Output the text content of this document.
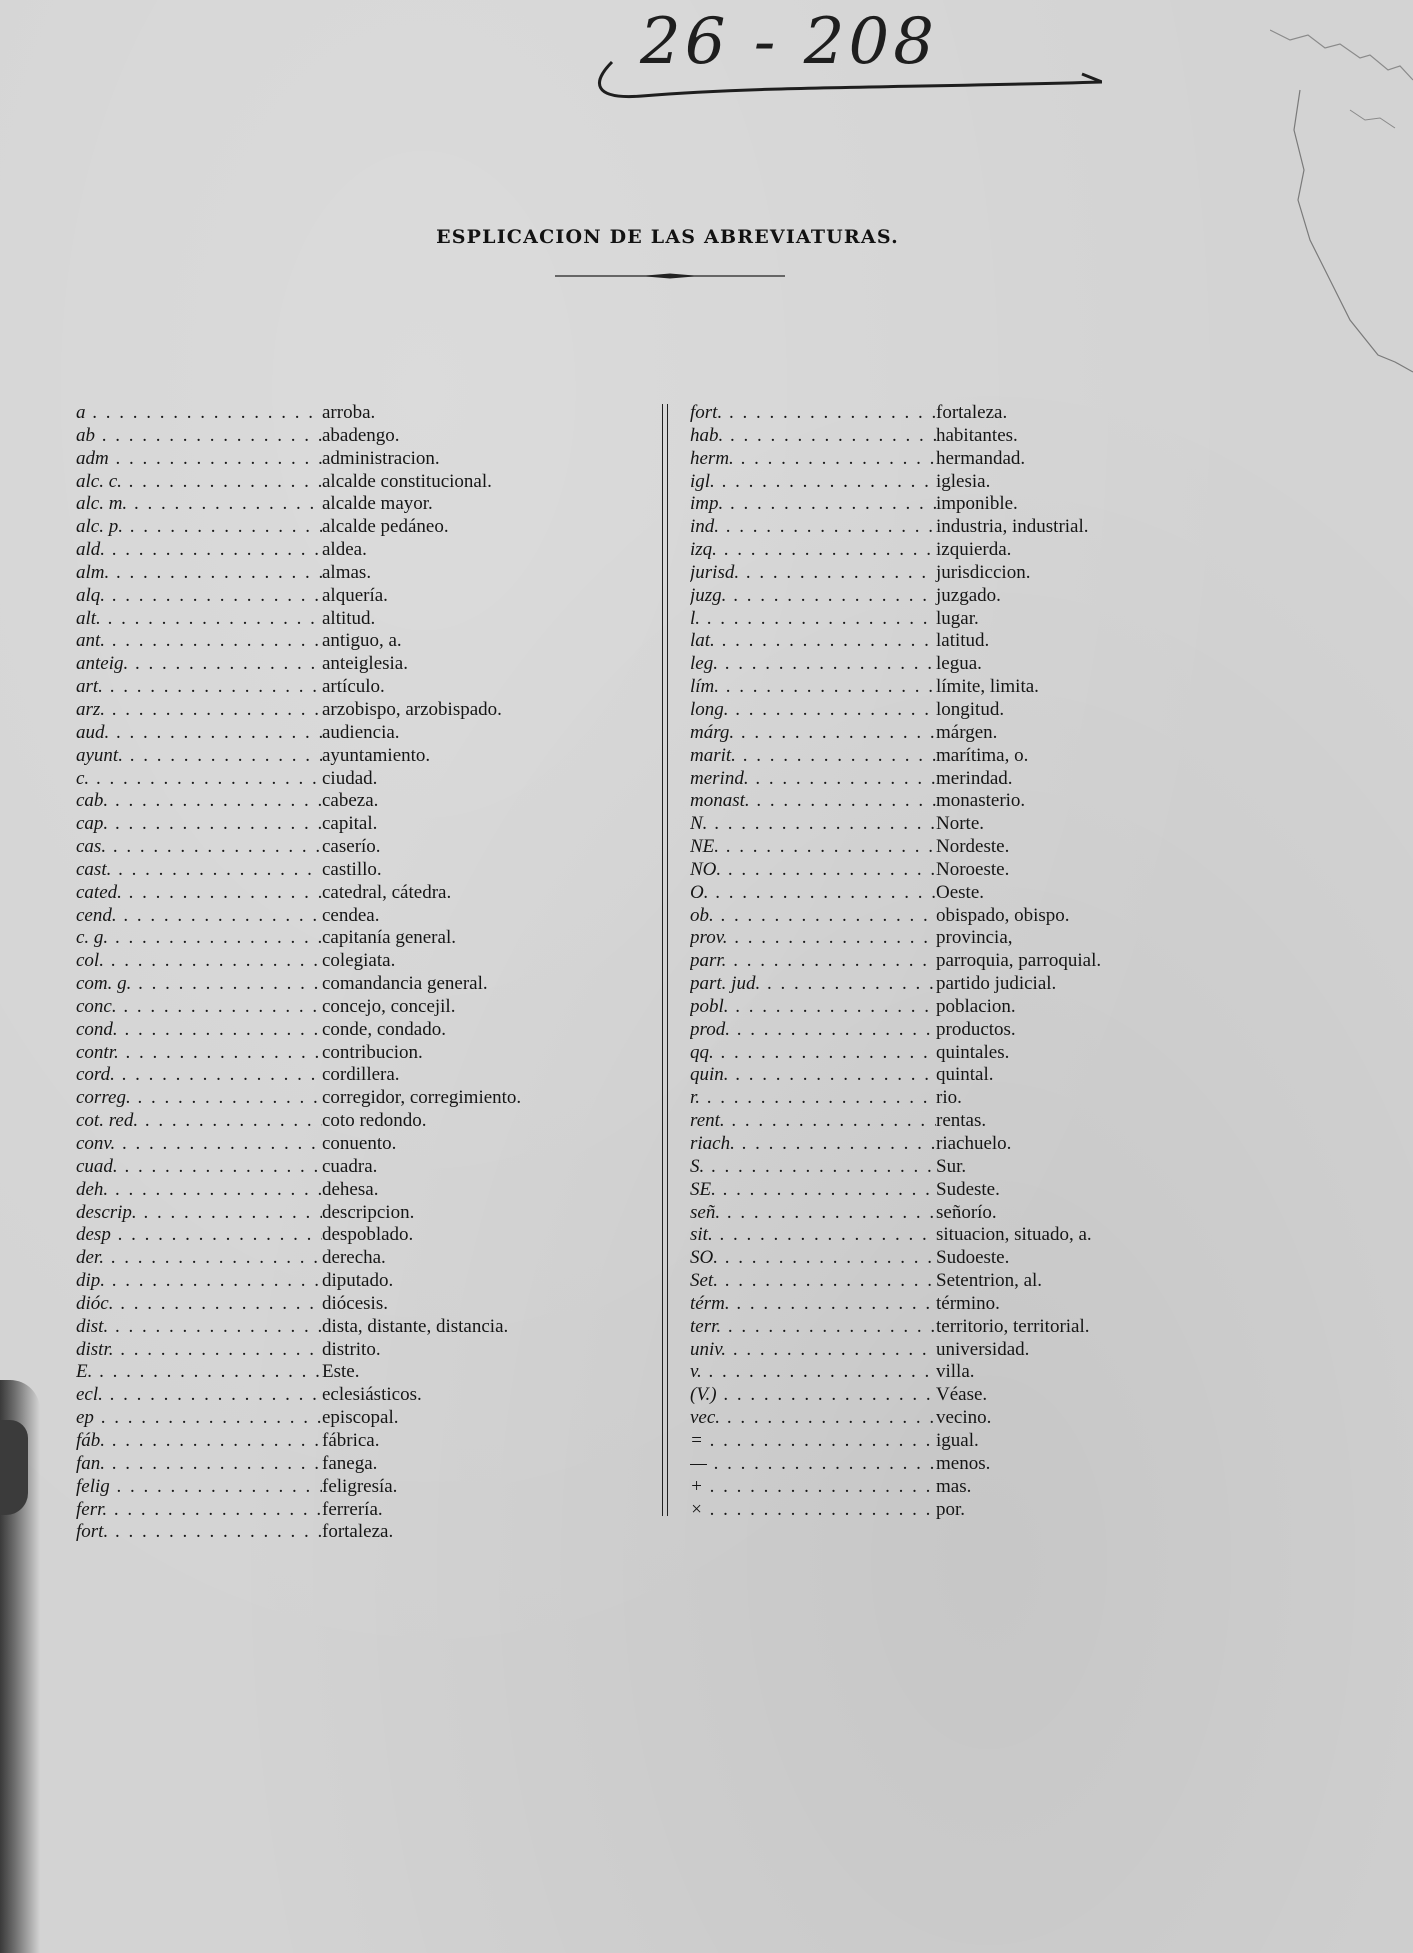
26 - 208
ESPLICACION DE LAS ABREVIATURAS.
a . . .	arroba.
ab . . .	abadengo.
adm . . .	administracion.
alc. c. . . .	alcalde constitucional.
alc. m. . . .	alcalde mayor.
alc. p. . . .	alcalde pedáneo.
ald. . . .	aldea.
alm. . . .	almas.
alq. . . .	alquería.
alt. . . .	altitud.
ant. . . .	antiguo, a.
anteig. . . .	anteiglesia.
art. . . .	artículo.
arz. . . .	arzobispo, arzobispado.
aud. . . .	audiencia.
ayunt. . . .	ayuntamiento.
c. . . .	ciudad.
cab. . . .	cabeza.
cap. . . .	capital.
cas. . . .	caserío.
cast. . . .	castillo.
cated. . . .	catedral, cátedra.
cend. . . .	cendea.
c. g. . . .	capitanía general.
col. . . .	colegiata.
com. g. . . .	comandancia general.
conc. . . .	concejo, concejil.
cond. . . .	conde, condado.
contr. . . .	contribucion.
cord. . . .	cordillera.
correg. . . .	corregidor, corregimiento.
cot. red. . . .	coto redondo.
conv. . . .	conuento.
cuad. . . .	cuadra.
deh. . . .	dehesa.
descrip. . . .	descripcion.
desp . . .	despoblado.
der. . . .	derecha.
dip. . . .	diputado.
dióc. . . .	diócesis.
dist. . . .	dista, distante, distancia.
distr. . . .	distrito.
E. . . .	Este.
ecl. . . .	eclesiásticos.
ep . . .	episcopal.
fáb. . . .	fábrica.
fan. . . .	fanega.
felig . . .	feligresía.
ferr. . . .	ferrería.
fort. . . .	fortaleza.
fort. . . .	fortaleza.
hab. . . .	habitantes.
herm. . . .	hermandad.
igl. . . .	iglesia.
imp. . . .	imponible.
ind. . . .	industria, industrial.
izq. . . .	izquierda.
jurisd. . . .	jurisdiccion.
juzg. . . .	juzgado.
l. . . .	lugar.
lat. . . .	latitud.
leg. . . .	legua.
lím. . . .	límite, limita.
long. . . .	longitud.
márg. . . .	márgen.
marit. . . .	marítima, o.
merind. . . .	merindad.
monast. . . .	monasterio.
N. . . .	Norte.
NE. . . .	Nordeste.
NO. . . .	Noroeste.
O. . . .	Oeste.
ob. . . .	obispado, obispo.
prov. . . .	provincia,
parr. . . .	parroquia, parroquial.
part. jud. . . .	partido judicial.
pobl. . . .	poblacion.
prod. . . .	productos.
qq. . . .	quintales.
quin. . . .	quintal.
r. . . .	rio.
rent. . . .	rentas.
riach. . . .	riachuelo.
S. . . .	Sur.
SE. . . .	Sudeste.
señ. . . .	señorío.
sit. . . .	situacion, situado, a.
SO. . . .	Sudoeste.
Set. . . .	Setentrion, al.
térm. . . .	término.
terr. . . .	territorio, territorial.
univ. . . .	universidad.
v. . . .	villa.
(V.) . . .	Véase.
vec. . . .	vecino.
= . . .	igual.
— . . .	menos.
+ . . .	mas.
× . . .	por.
